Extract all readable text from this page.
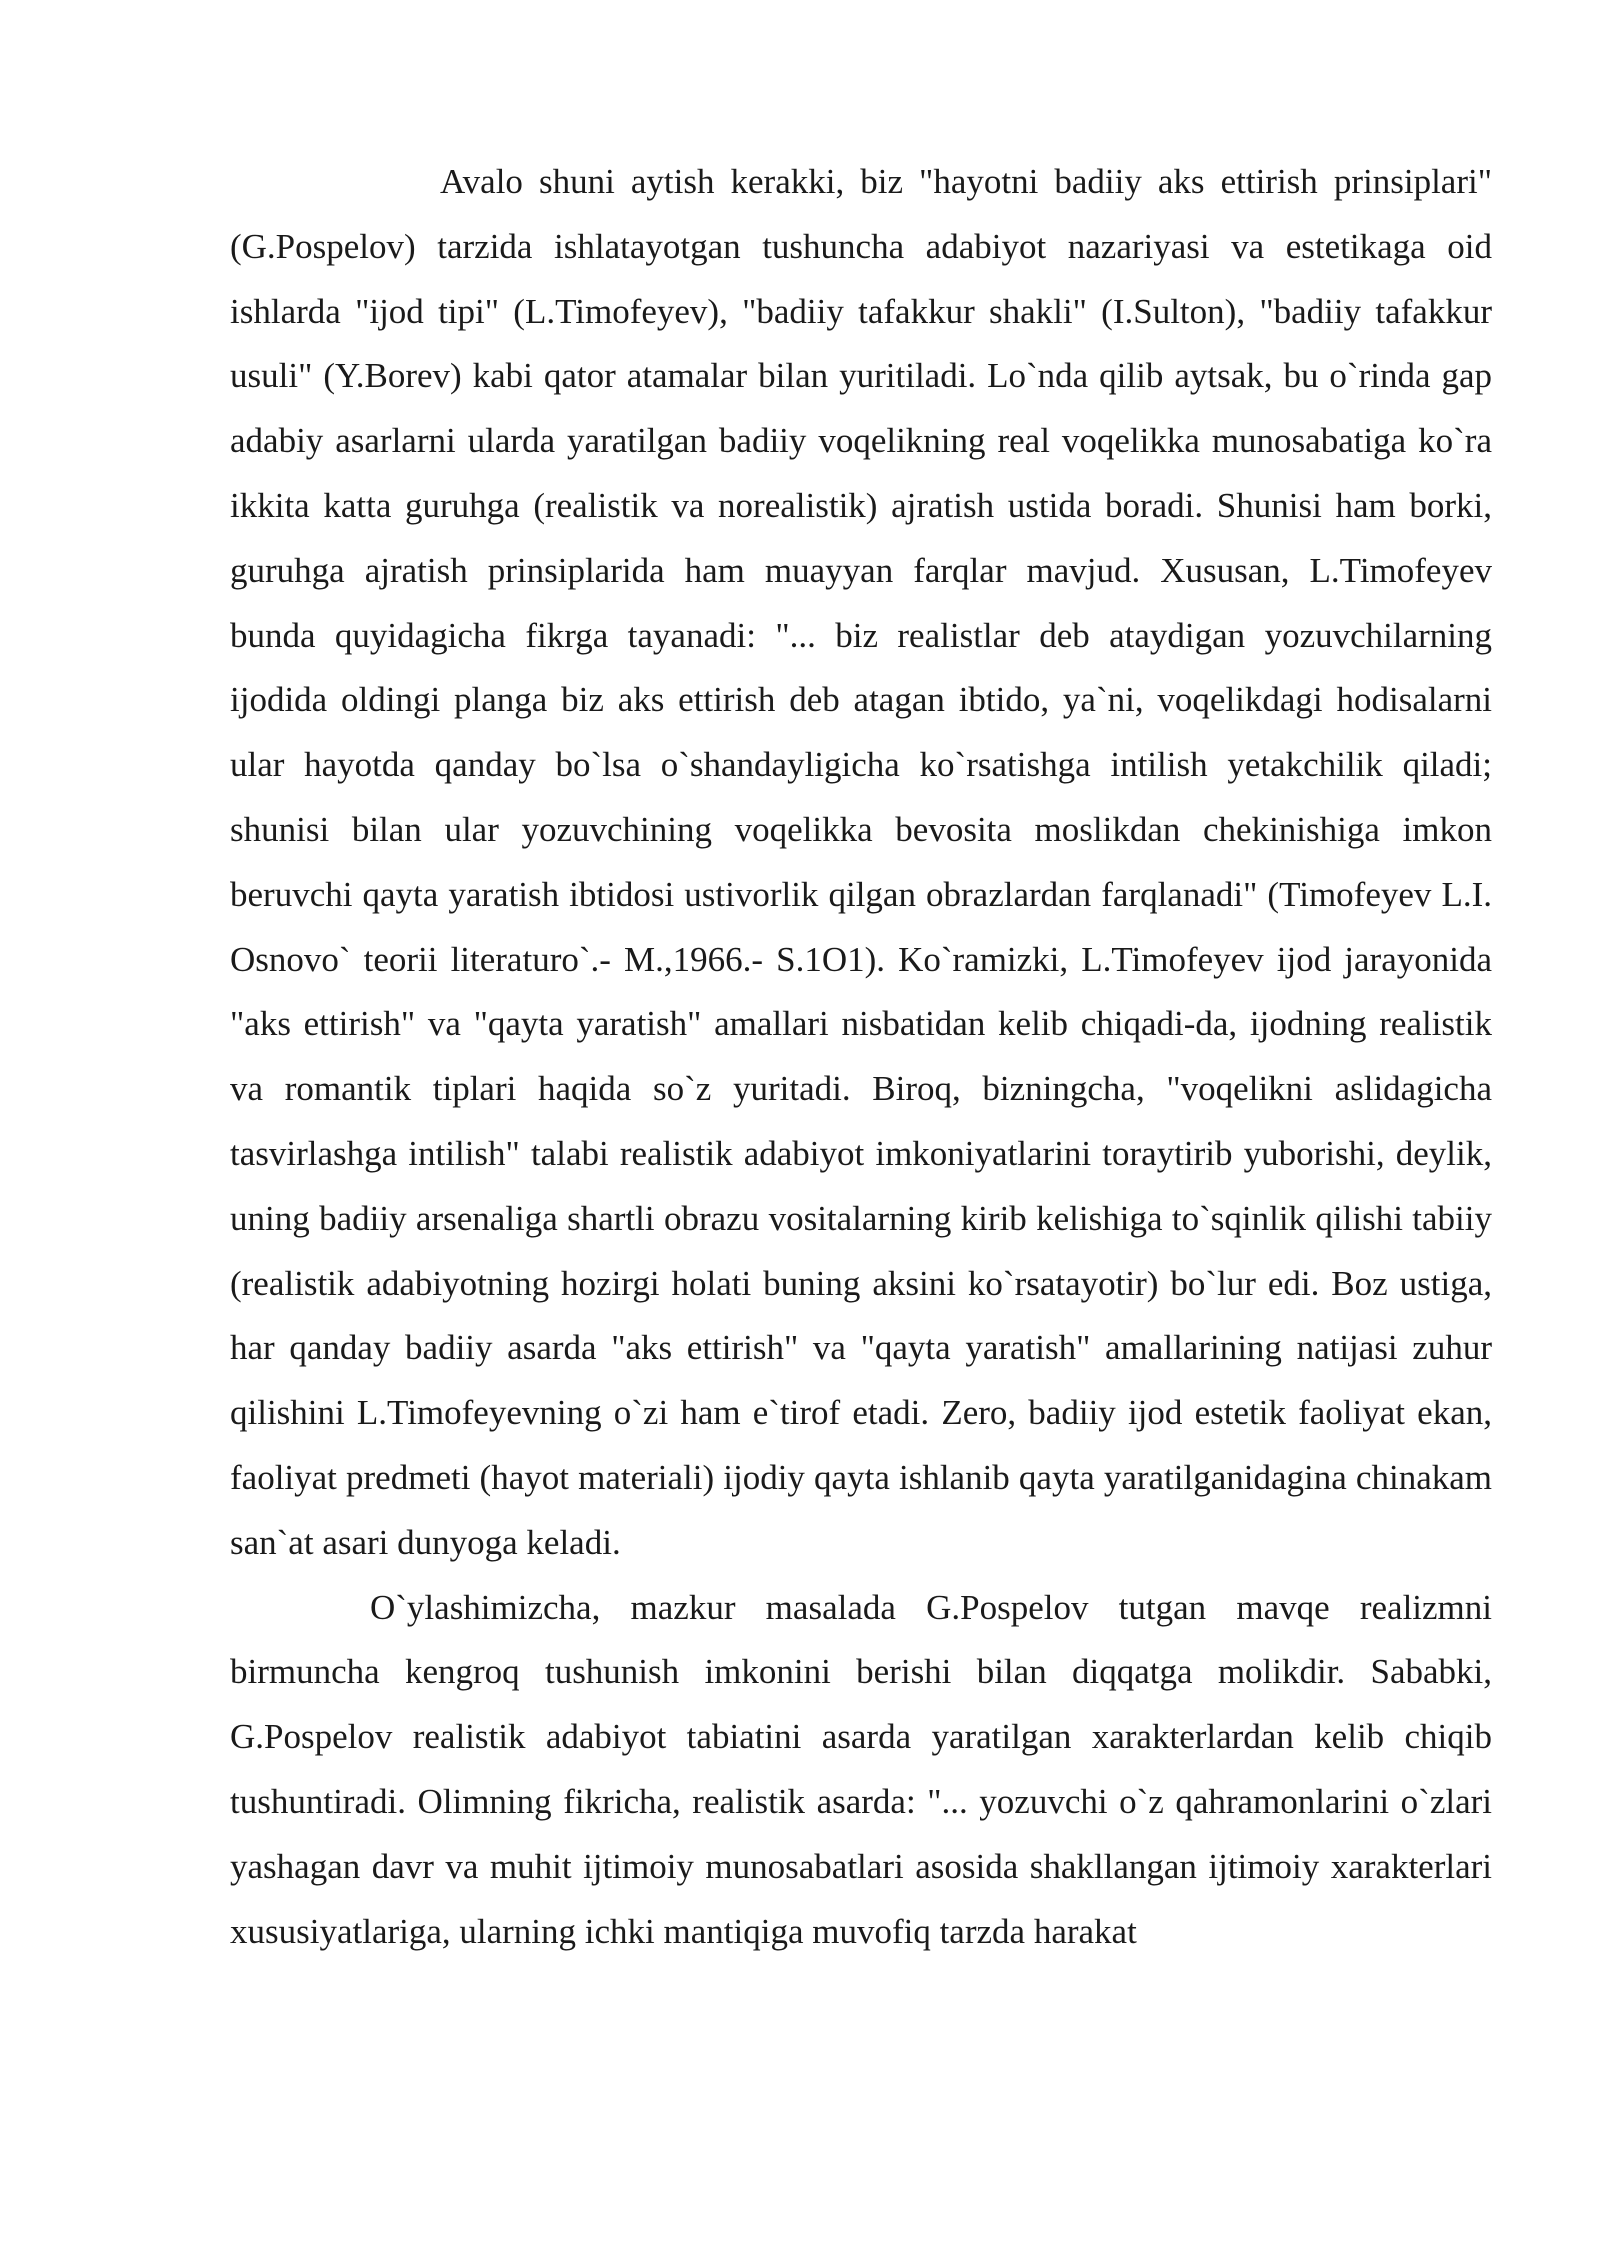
Avalo shuni aytish kerakki, biz "hayotni badiiy aks ettirish prinsiplari"(G.Pospelov) tarzida ishlatayotgan tushuncha adabiyot nazariyasi va estetikaga oid ishlarda "ijod tipi" (L.Timofeyev), "badiiy tafakkur shakli" (I.Sulton), "badiiy tafakkur usuli" (Y.Borev) kabi qator atamalar bilan yuritiladi. Lo`nda qilib aytsak, bu o`rinda gap adabiy asarlarni ularda yaratilgan badiiy voqelikning real voqelikka munosabatiga ko`ra ikkita katta guruhga (realistik va norealistik) ajratish ustida boradi. Shunisi ham borki, guruhga ajratish prinsiplarida ham muayyan farqlar mavjud. Xususan, L.Timofeyev bunda quyidagicha fikrga tayanadi: "... biz realistlar deb ataydigan yozuvchilarning ijodida oldingi planga biz aks ettirish deb atagan ibtido, ya`ni, voqelikdagi hodisalarni ular hayotda qanday bo`lsa o`shandayligicha ko`rsatishga intilish yetakchilik qiladi; shunisi bilan ular yozuvchining voqelikka bevosita moslikdan chekinishiga imkon beruvchi qayta yaratish ibtidosi ustivorlik qilgan obrazlardan farqlanadi" (Timofeyev L.I. Osnovo` teorii literaturo`.- M.,1966.- S.1O1). Ko`ramizki, L.Timofeyev ijod jarayonida "aks ettirish" va "qayta yaratish" amallari nisbatidan kelib chiqadi-da, ijodning realistik va romantik tiplari haqida so`z yuritadi. Biroq, bizningcha, "voqelikni aslidagicha tasvirlashga intilish" talabi realistik adabiyot imkoniyatlarini toraytirib yuborishi, deylik, uning badiiy arsenaliga shartli obrazu vositalarning kirib kelishiga to`sqinlik qilishi tabiiy (realistik adabiyotning hozirgi holati buning aksini ko`rsatayotir) bo`lur edi. Boz ustiga, har qanday badiiy asarda "aks ettirish" va "qayta yaratish" amallarining natijasi zuhur qilishini L.Timofeyevning o`zi ham e`tirof etadi. Zero, badiiy ijod estetik faoliyat ekan, faoliyat predmeti (hayot materiali) ijodiy qayta ishlanib qayta yaratilganidagina chinakam san`at asari dunyoga keladi.

O`ylashimizcha, mazkur masalada G.Pospelov tutgan mavqe realizmni birmuncha kengroq tushunish imkonini berishi bilan diqqatga molikdir. Sababki, G.Pospelov realistik adabiyot tabiatini asarda yaratilgan xarakterlardan kelib chiqib tushuntiradi. Olimning fikricha, realistik asarda: "... yozuvchi o`z qahramonlarini o`zlari yashagan davr va muhit ijtimoiy munosabatlari asosida shakllangan ijtimoiy xarakterlari xususiyatlariga, ularning ichki mantiqiga muvofiq tarzda harakat
